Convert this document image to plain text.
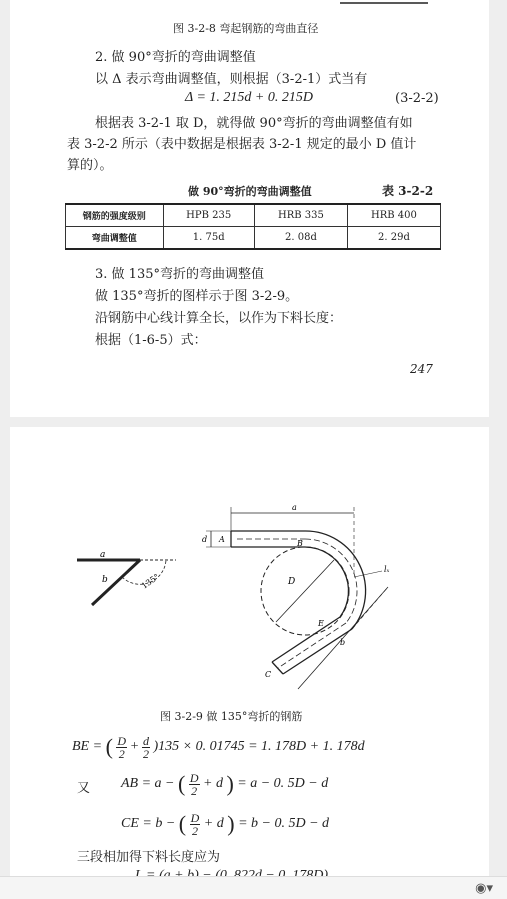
图 3-2-8 弯起钢筋的弯曲直径
2. 做 90°弯折的弯曲调整值
以 Δ 表示弯曲调整值，则根据（3-2-1）式当有
Δ = 1. 215d + 0. 215D	(3-2-2)
根据表 3-2-1 取 D，就得做 90°弯折的弯曲调整值有如
表 3-2-2 所示（表中数据是根据表 3-2-1 规定的最小 D 值计
算的）。
做 90°弯折的弯曲调整值	表 3-2-2
钢筋的强度级别	HPB 235	HRB 335	HRB 400
弯曲调整值	1. 75d	2. 08d	2. 29d
3. 做 135°弯折的弯曲调整值
做 135°弯折的图样示于图 3-2-9。
沿钢筋中心线计算全长，以作为下料长度：
根据（1-6-5）式：
247
a
b	135°
a
d A	B
D
E
C
lₓ
b
图 3-2-9 做 135°弯折的钢筋
BE = ( $\frac{D}{2} + \frac{d}{2} )135 \times 0$. 01745 = 1. 178D + 1. 178d
又 AB = a − ( $\frac{D}{2} + d$ ) = a − 0. 5D − d
CE = b − ( $\frac{D}{2} + d$ ) = b − 0. 5D − d
三段相加得下料长度应为
◉▾
